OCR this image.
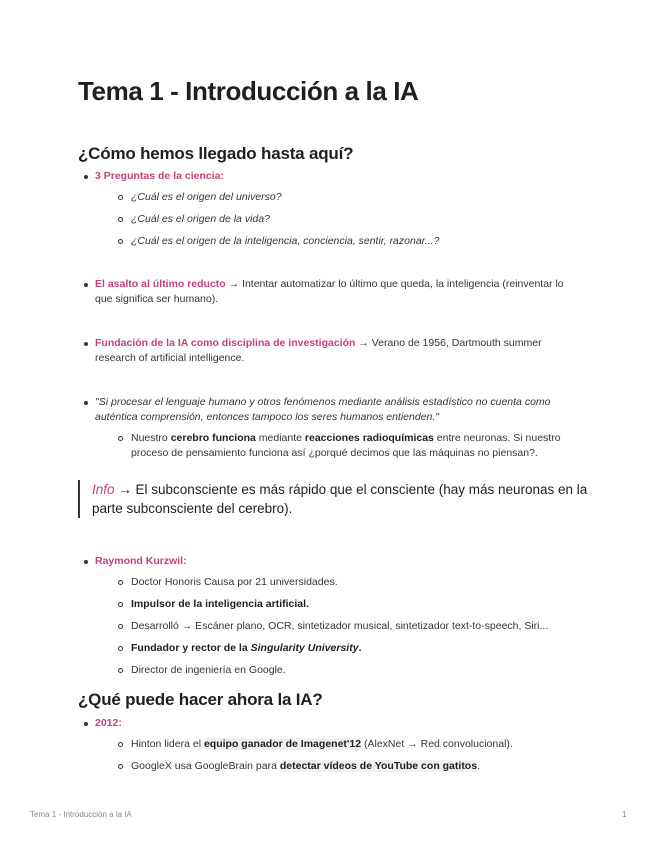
Tema 1 - Introducción a la IA
¿Cómo hemos llegado hasta aquí?
3 Preguntas de la ciencia:
¿Cuál es el origen del universo?
¿Cuál es el origen de la vida?
¿Cuál es el origen de la inteligencia, conciencia, sentir, razonar...?
El asalto al último reducto → Intentar automatizar lo último que queda, la inteligencia (reinventar lo que significa ser humano).
Fundación de la IA como disciplina de investigación → Verano de 1956, Dartmouth summer research of artificial intelligence.
"Si procesar el lenguaje humano y otros fenómenos mediante análisis estadístico no cuenta como auténtica comprensión, entonces tampoco los seres humanos entienden."
Nuestro cerebro funciona mediante reacciones radioquímicas entre neuronas. Si nuestro proceso de pensamiento funciona así ¿porqué decimos que las máquinas no piensan?.
Info → El subconsciente es más rápido que el consciente (hay más neuronas en la parte subconsciente del cerebro).
Raymond Kurzwil:
Doctor Honoris Causa por 21 universidades.
Impulsor de la inteligencia artificial.
Desarrolló → Escáner plano, OCR, sintetizador musical, sintetizador text-to-speech, Siri...
Fundador y rector de la Singularity University.
Director de ingeniería en Google.
¿Qué puede hacer ahora la IA?
2012:
Hinton lidera el equipo ganador de Imagenet'12 (AlexNet → Red convolucional).
GoogleX usa GoogleBrain para detectar vídeos de YouTube con gatitos.
Tema 1 - Introducción a la IA	1
